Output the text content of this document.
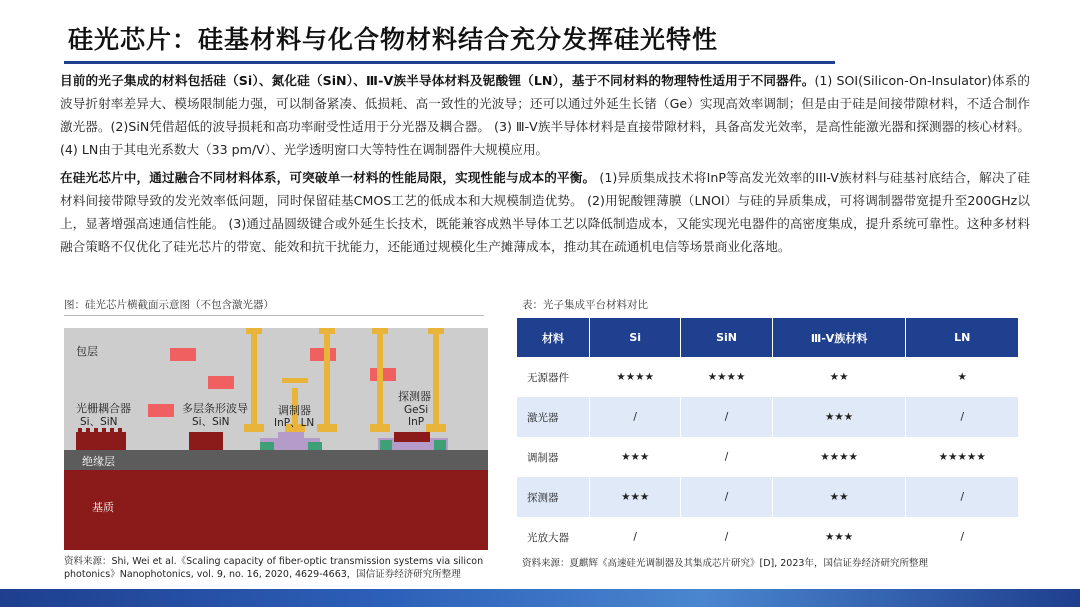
硅光芯片：硅基材料与化合物材料结合充分发挥硅光特性

目前的光子集成的材料包括硅（Si）、氮化硅（SiN）、Ⅲ-Ⅴ族半导体材料及铌酸锂（LN），基于不同材料的物理特性适用于不同器件。(1) SOI(Silicon-On-Insulator)体系的波导折射率差异大、模场限制能力强，可以制备紧凑、低损耗、高一致性的光波导；还可以通过外延生长锗（Ge）实现高效率调制；但是由于硅是间接带隙材料，不适合制作激光器。(2)SiN凭借超低的波导损耗和高功率耐受性适用于分光器及耦合器。 (3) Ⅲ-Ⅴ族半导体材料是直接带隙材料，具备高发光效率，是高性能激光器和探测器的核心材料。 (4) LN由于其电光系数大（33 pm/V）、光学透明窗口大等特性在调制器件大规模应用。

在硅光芯片中，通过融合不同材料体系，可突破单一材料的性能局限，实现性能与成本的平衡。 (1)异质集成技术将InP等高发光效率的III-V族材料与硅基衬底结合，解决了硅材料间接带隙导致的发光效率低问题，同时保留硅基CMOS工艺的低成本和大规模制造优势。 (2)用铌酸锂薄膜（LNOI）与硅的异质集成，可将调制器带宽提升至200GHz以上，显著增强高速通信性能。 (3)通过晶圆级键合或外延生长技术，既能兼容成熟半导体工艺以降低制造成本，又能实现光电器件的高密度集成，提升系统可靠性。这种多材料融合策略不仅优化了硅光芯片的带宽、能效和抗干扰能力，还能通过规模化生产摊薄成本，推动其在疏通机电信等场景商业化落地。

图：硅光芯片横截面示意图（不包含激光器）
包层
光栅耦合器
Si、SiN
多层条形波导
Si、SiN
调制器
InP、LN
探测器
GeSi
InP
绝缘层
基质
资料来源：Shi, Wei et al.《Scaling capacity of fiber-optic transmission systems via silicon photonics》Nanophotonics, vol. 9, no. 16, 2020, 4629-4663，国信证券经济研究所整理
表：光子集成平台材料对比
材料	Si	SiN	Ⅲ-Ⅴ族材料	LN
无源器件	★★★★	★★★★	★★	★
激光器	/	/	★★★	/
调制器	★★★	/	★★★★	★★★★★
探测器	★★★	/	★★	/
光放大器	/	/	★★★	/
资料来源：夏麒辉《高速硅光调制器及其集成芯片研究》[D], 2023年，国信证券经济研究所整理
